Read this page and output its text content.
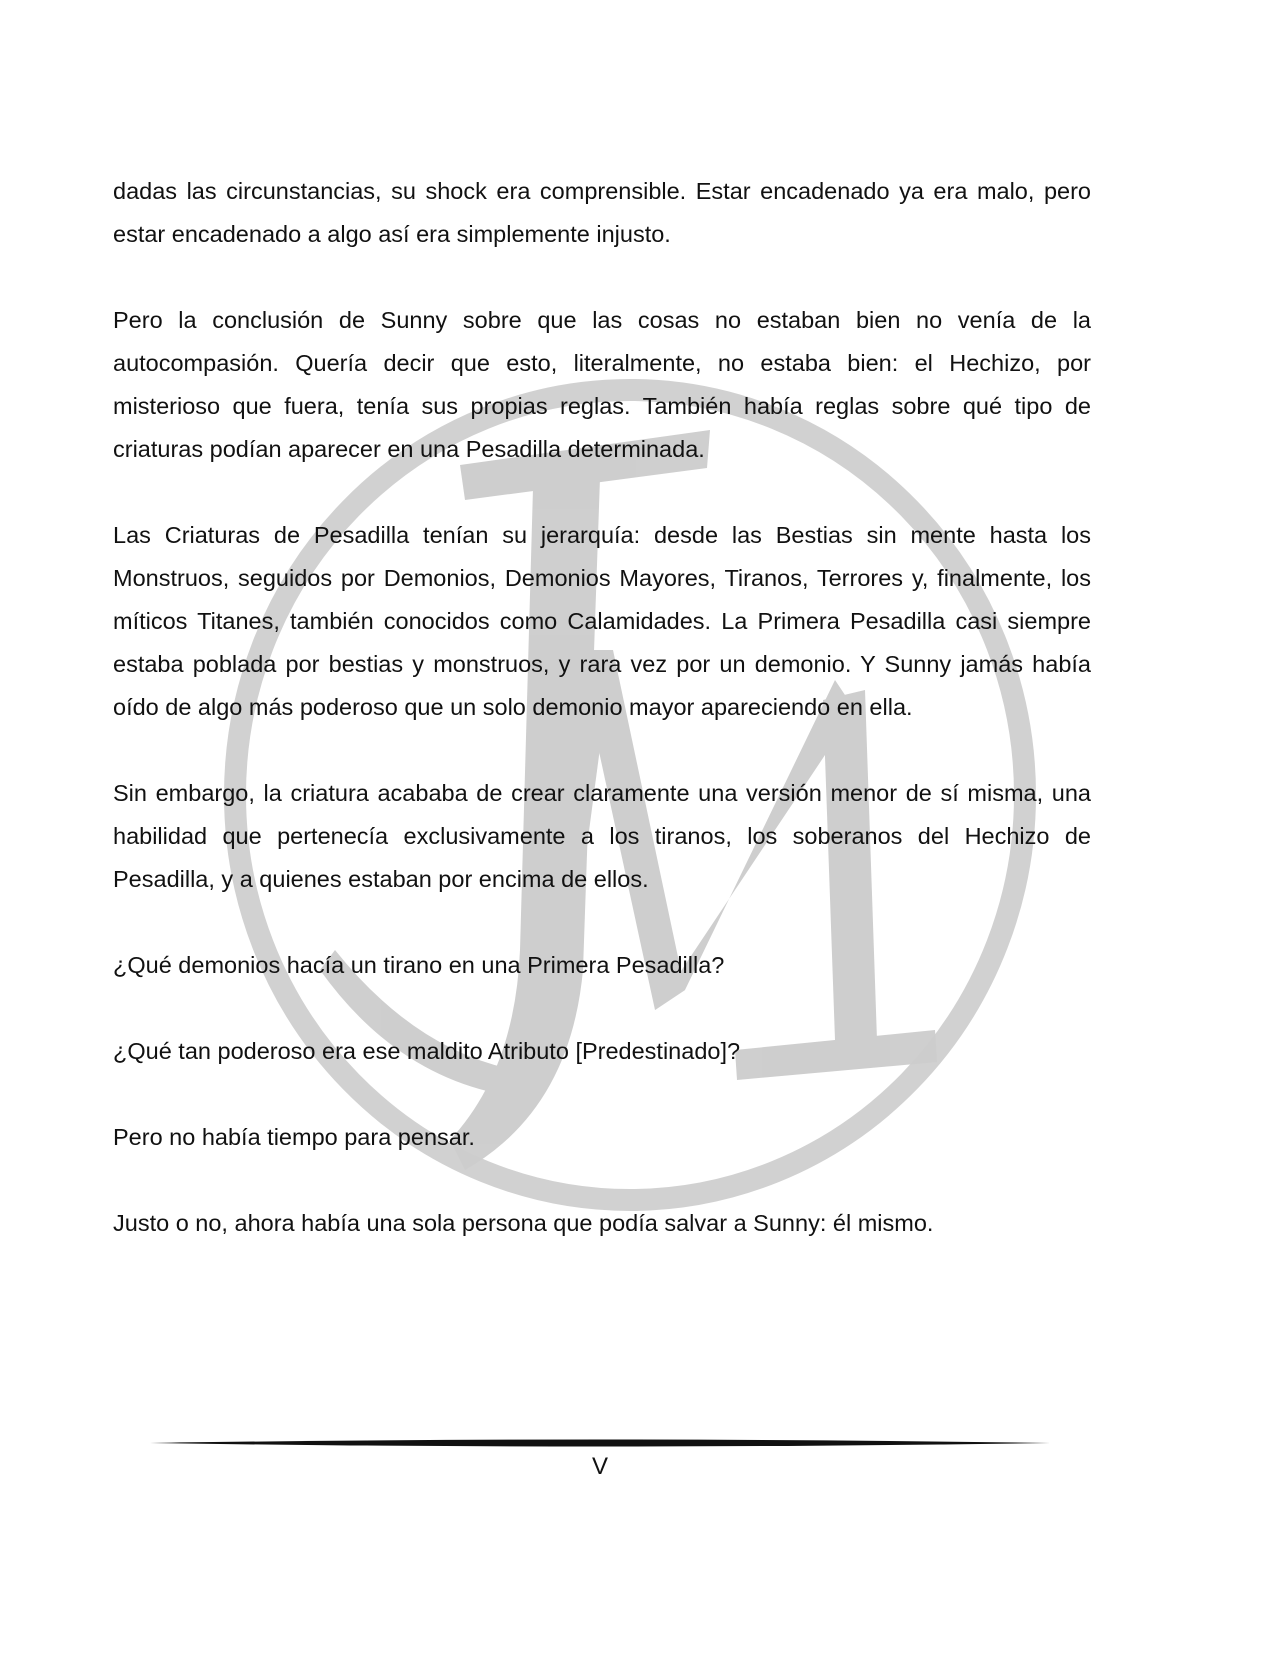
dadas las circunstancias, su shock era comprensible. Estar encadenado ya era malo, pero estar encadenado a algo así era simplemente injusto.

Pero la conclusión de Sunny sobre que las cosas no estaban bien no venía de la autocompasión. Quería decir que esto, literalmente, no estaba bien: el Hechizo, por misterioso que fuera, tenía sus propias reglas. También había reglas sobre qué tipo de criaturas podían aparecer en una Pesadilla determinada.

Las Criaturas de Pesadilla tenían su jerarquía: desde las Bestias sin mente hasta los Monstruos, seguidos por Demonios, Demonios Mayores, Tiranos, Terrores y, finalmente, los míticos Titanes, también conocidos como Calamidades. La Primera Pesadilla casi siempre estaba poblada por bestias y monstruos, y rara vez por un demonio. Y Sunny jamás había oído de algo más poderoso que un solo demonio mayor apareciendo en ella.

Sin embargo, la criatura acababa de crear claramente una versión menor de sí misma, una habilidad que pertenecía exclusivamente a los tiranos, los soberanos del Hechizo de Pesadilla, y a quienes estaban por encima de ellos.

¿Qué demonios hacía un tirano en una Primera Pesadilla?

¿Qué tan poderoso era ese maldito Atributo [Predestinado]?

Pero no había tiempo para pensar.

Justo o no, ahora había una sola persona que podía salvar a Sunny: él mismo.

V
